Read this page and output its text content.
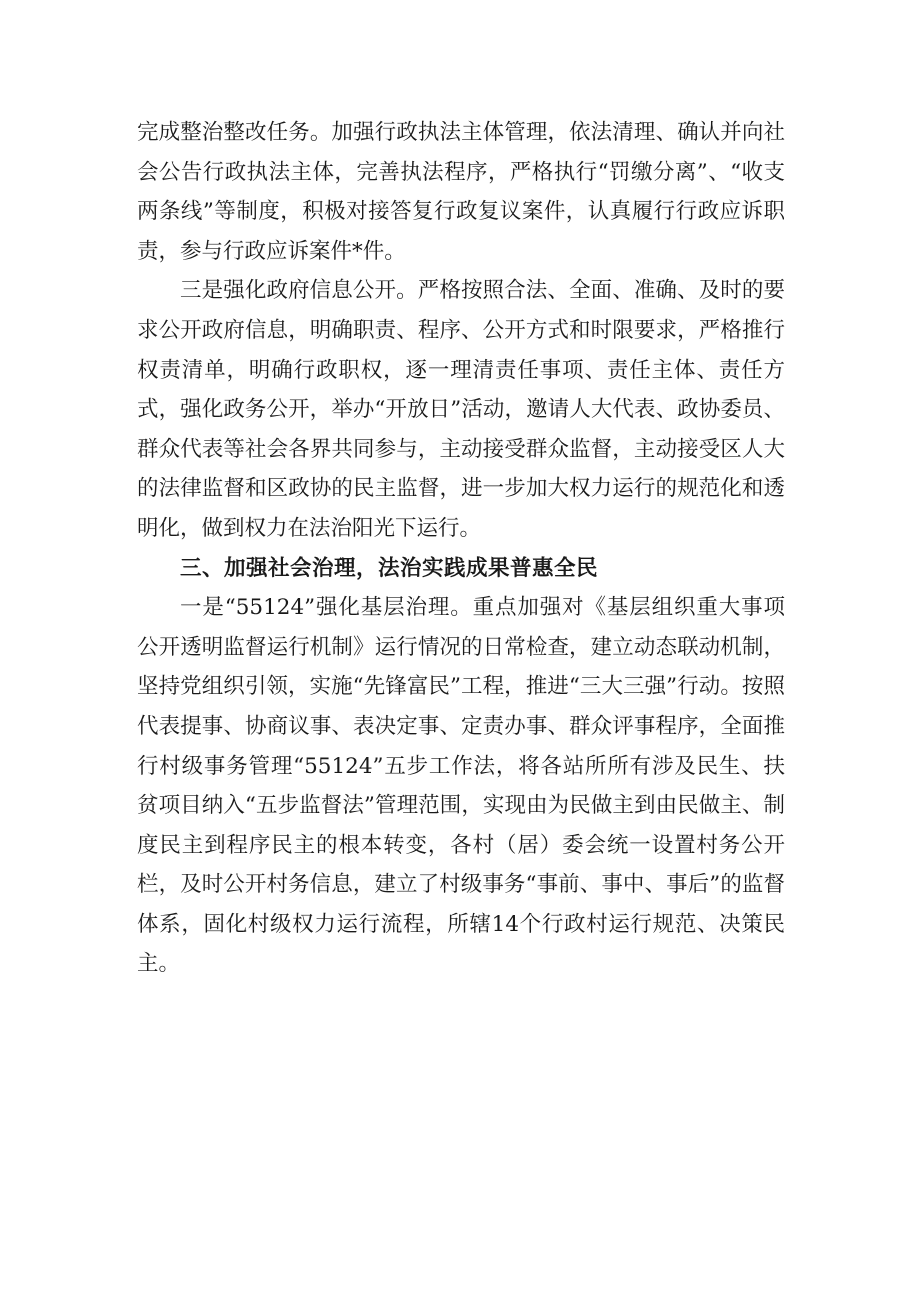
完成整治整改任务。加强行政执法主体管理，依法清理、确认并向社会公告行政执法主体，完善执法程序，严格执行“罚缴分离”、“收支两条线”等制度，积极对接答复行政复议案件，认真履行行政应诉职责，参与行政应诉案件*件。

三是强化政府信息公开。严格按照合法、全面、准确、及时的要求公开政府信息，明确职责、程序、公开方式和时限要求，严格推行权责清单，明确行政职权，逐一理清责任事项、责任主体、责任方式，强化政务公开，举办“开放日”活动，邀请人大代表、政协委员、群众代表等社会各界共同参与，主动接受群众监督，主动接受区人大的法律监督和区政协的民主监督，进一步加大权力运行的规范化和透明化，做到权力在法治阳光下运行。

三、加强社会治理，法治实践成果普惠全民

一是“55124”强化基层治理。重点加强对《基层组织重大事项公开透明监督运行机制》运行情况的日常检查，建立动态联动机制，坚持党组织引领，实施“先锋富民”工程，推进“三大三强”行动。按照代表提事、协商议事、表决定事、定责办事、群众评事程序，全面推行村级事务管理“55124”五步工作法，将各站所所有涉及民生、扶贫项目纳入“五步监督法”管理范围，实现由为民做主到由民做主、制度民主到程序民主的根本转变，各村（居）委会统一设置村务公开栏，及时公开村务信息，建立了村级事务“事前、事中、事后”的监督体系，固化村级权力运行流程，所辖14个行政村运行规范、决策民主。
